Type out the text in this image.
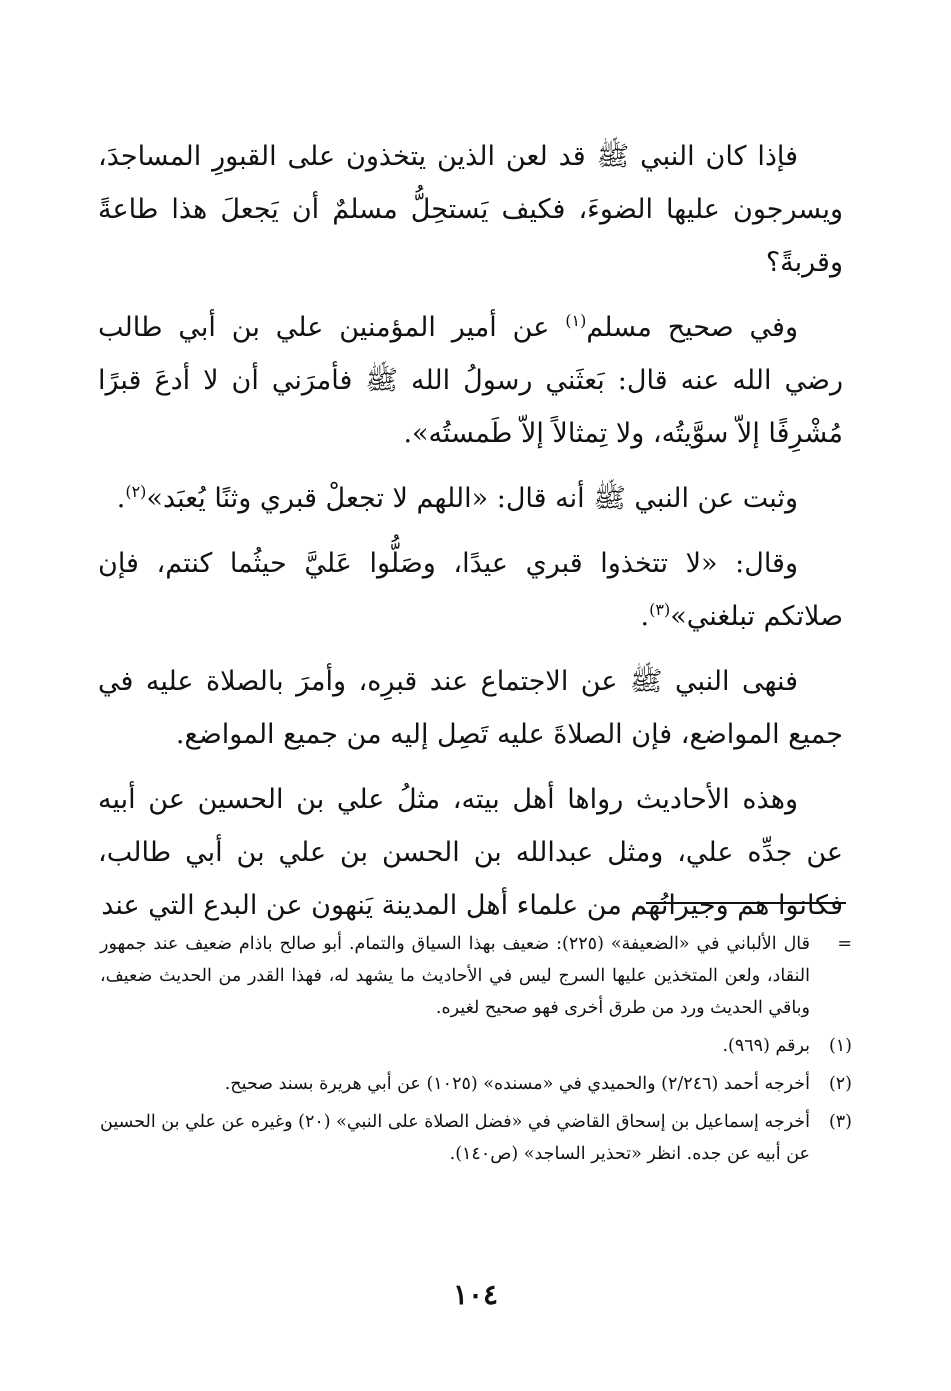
فإذا كان النبي ﷺ قد لعن الذين يتخذون على القبورِ المساجدَ، ويسرجون عليها الضوءَ، فكيف يَستحِلُّ مسلمٌ أن يَجعلَ هذا طاعةً وقربةً؟

وفي صحيح مسلم$^{(١)}$ عن أمير المؤمنين علي بن أبي طالب رضي الله عنه قال: بَعثَني رسولُ الله ﷺ فأمرَني أن لا أدعَ قبرًا مُشْرِفًا إلاّ سوَّيتُه، ولا تِمثالاً إلاّ طَمستُه».

وثبت عن النبي ﷺ أنه قال: «اللهم لا تجعلْ قبري وثنًا يُعبَد»$^{(٢)}$.

وقال: «لا تتخذوا قبري عيدًا، وصَلُّوا عَليَّ حيثُما كنتم، فإن صلاتكم تبلغني»$^{(٣)}$.

فنهى النبي ﷺ عن الاجتماع عند قبرِه، وأمرَ بالصلاة عليه في جميع المواضع، فإن الصلاةَ عليه تَصِل إليه من جميع المواضع.

وهذه الأحاديث رواها أهل بيته، مثلُ علي بن الحسين عن أبيه عن جدِّه علي، ومثل عبدالله بن الحسن بن علي بن أبي طالب، فكانوا هم وجيرانُهم من علماء أهل المدينة يَنهون عن البدع التي عند

=
قال الألباني في «الضعيفة» (٢٢٥): ضعيف بهذا السياق والتمام. أبو صالح باذام ضعيف عند جمهور النقاد، ولعن المتخذين عليها السرج ليس في الأحاديث ما يشهد له، فهذا القدر من الحديث ضعيف، وباقي الحديث ورد من طرق أخرى فهو صحيح لغيره.
(١)
برقم (٩٦٩).
(٢)
أخرجه أحمد (٢/٢٤٦) والحميدي في «مسنده» (١٠٢٥) عن أبي هريرة بسند صحيح.
(٣)
أخرجه إسماعيل بن إسحاق القاضي في «فضل الصلاة على النبي» (٢٠) وغيره عن علي بن الحسين عن أبيه عن جده. انظر «تحذير الساجد» (ص١٤٠).
١٠٤
